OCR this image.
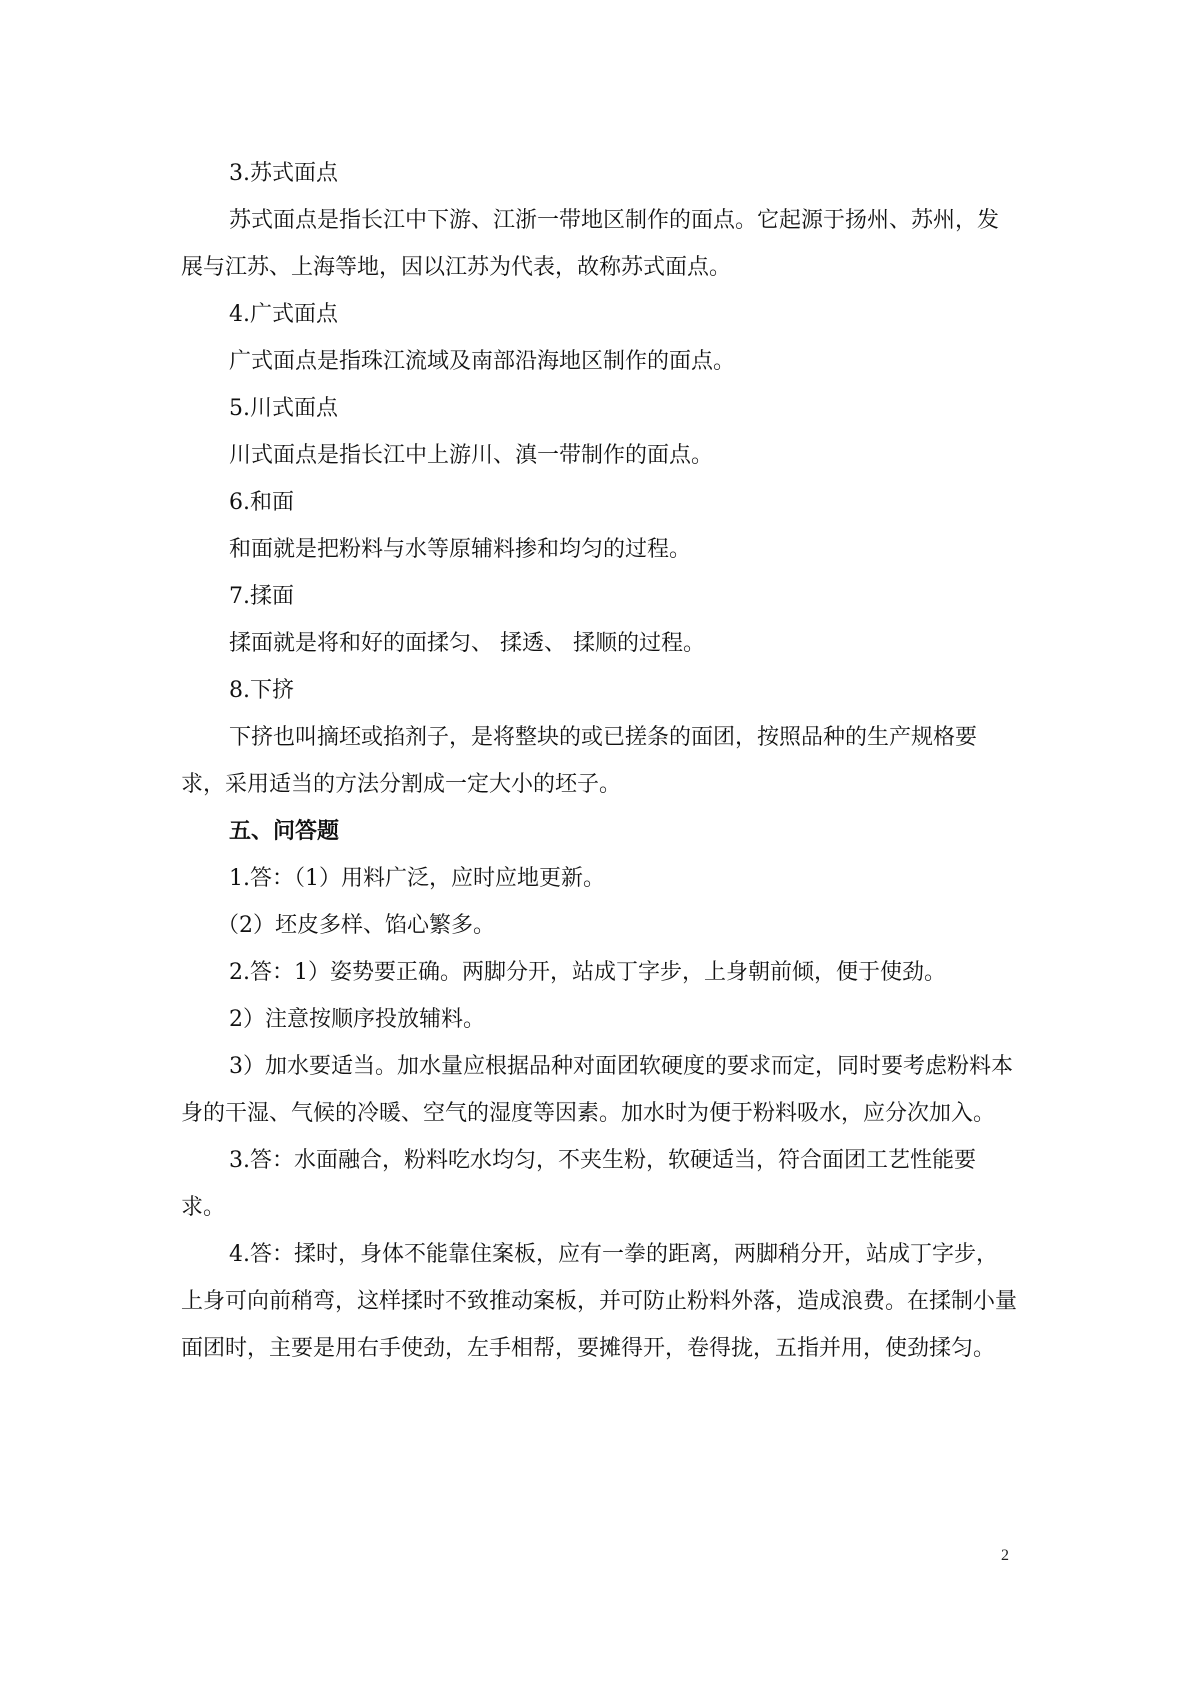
3.苏式面点

苏式面点是指长江中下游、江浙一带地区制作的面点。它起源于扬州、苏州，发展与江苏、上海等地，因以江苏为代表，故称苏式面点。

4.广式面点

广式面点是指珠江流域及南部沿海地区制作的面点。

5.川式面点

川式面点是指长江中上游川、滇一带制作的面点。

6.和面

和面就是把粉料与水等原辅料掺和均匀的过程。

7.揉面

揉面就是将和好的面揉匀、 揉透、 揉顺的过程。

8.下挤

下挤也叫摘坯或掐剂子，是将整块的或已搓条的面团，按照品种的生产规格要求，采用适当的方法分割成一定大小的坯子。

五、问答题

1.答：（1）用料广泛，应时应地更新。

（2）坯皮多样、馅心繁多。

2.答：1）姿势要正确。两脚分开，站成丁字步，上身朝前倾，便于使劲。

2）注意按顺序投放辅料。

3）加水要适当。加水量应根据品种对面团软硬度的要求而定，同时要考虑粉料本身的干湿、气候的冷暖、空气的湿度等因素。加水时为便于粉料吸水，应分次加入。

3.答：水面融合，粉料吃水均匀，不夹生粉，软硬适当，符合面团工艺性能要求。

4.答：揉时，身体不能靠住案板，应有一拳的距离，两脚稍分开，站成丁字步，上身可向前稍弯，这样揉时不致推动案板，并可防止粉料外落，造成浪费。在揉制小量面团时，主要是用右手使劲，左手相帮，要摊得开，卷得拢，五指并用，使劲揉匀。

2
